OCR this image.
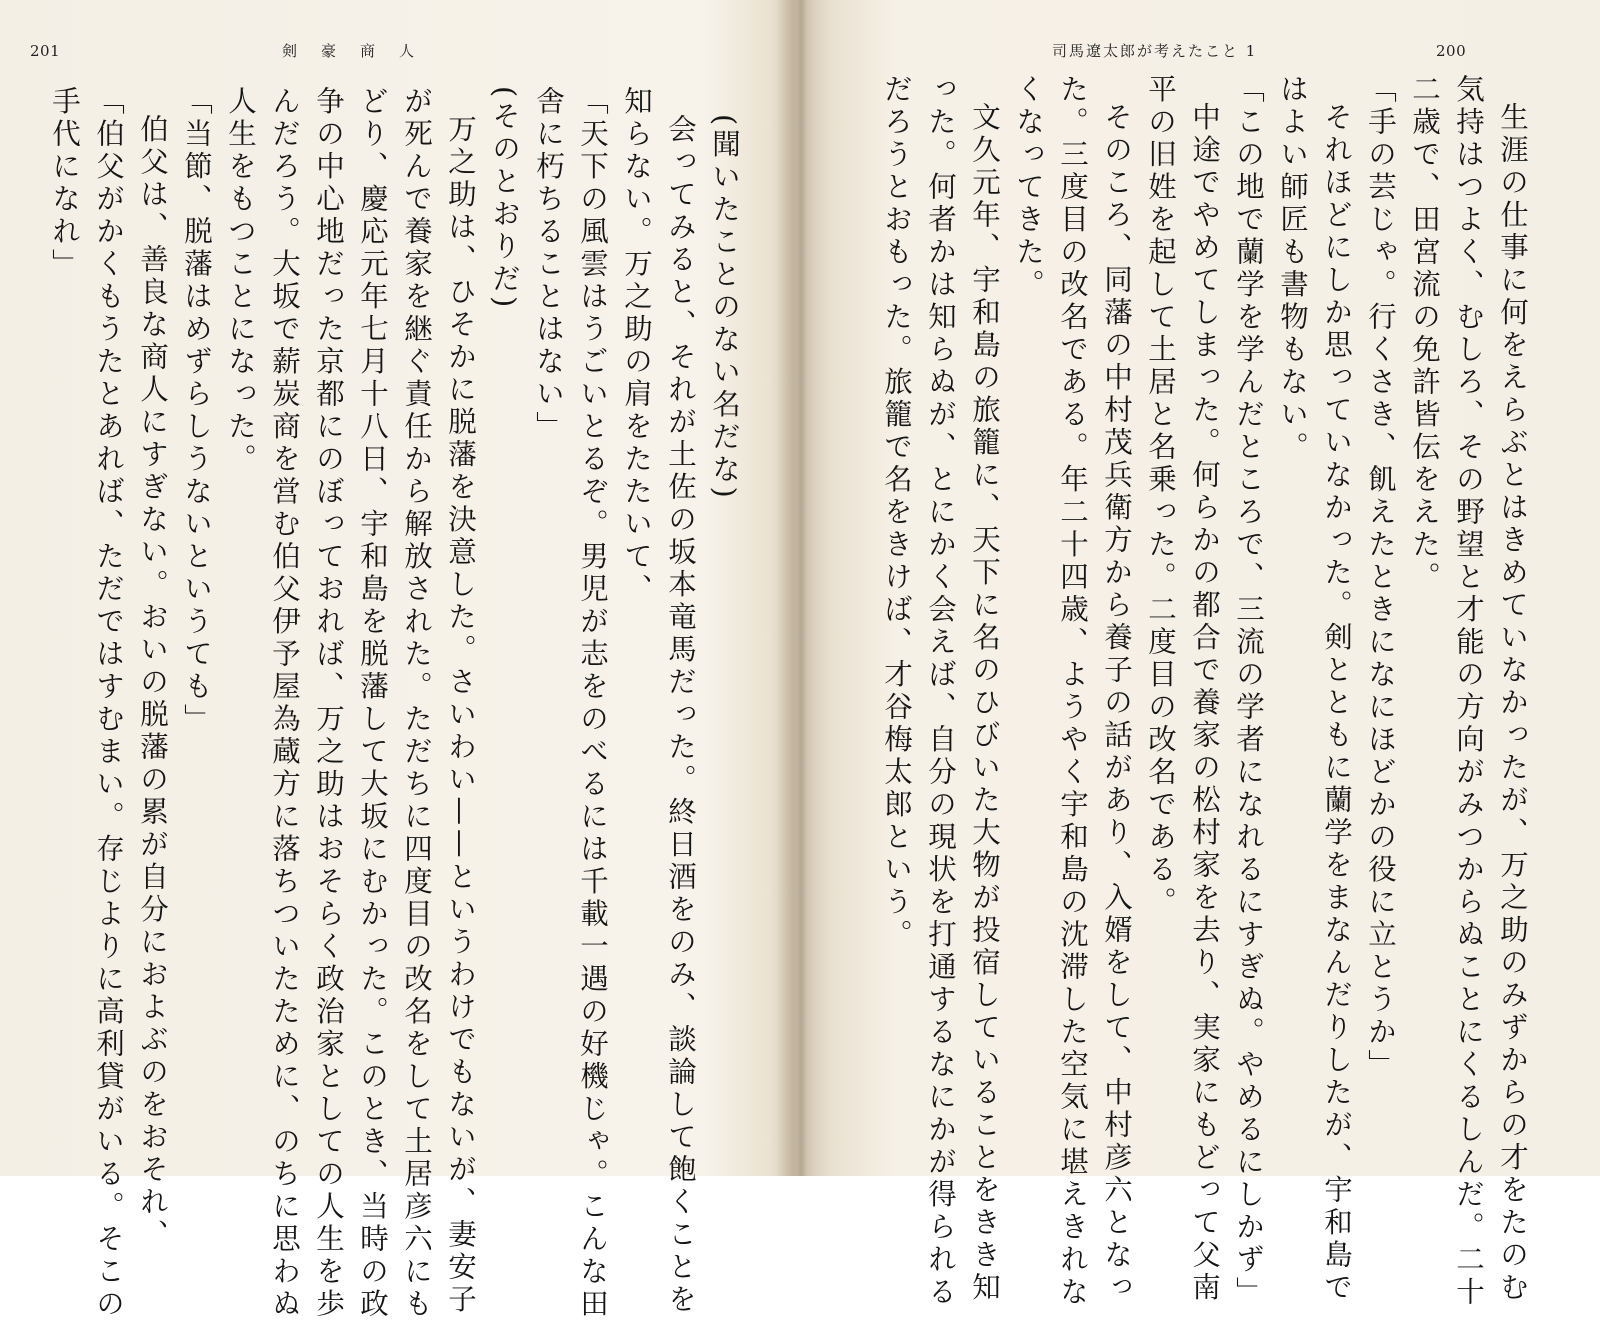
201	剣豪商人
(聞いたことのない名だな)
会ってみると、それが土佐の坂本竜馬だった。終日酒をのみ、談論して飽くことを
知らない。万之助の肩をたたいて、
「天下の風雲はうごいとるぞ。男児が志をのべるには千載一遇の好機じゃ。こんな田
舎に朽ちることはない」
(そのとおりだ)
万之助は、ひそかに脱藩を決意した。さいわい——というわけでもないが、妻安子
が死んで養家を継ぐ責任から解放された。ただちに四度目の改名をして土居彦六にも
どり、慶応元年七月十八日、宇和島を脱藩して大坂にむかった。このとき、当時の政
争の中心地だった京都にのぼっておれば、万之助はおそらく政治家としての人生を歩
んだろう。大坂で薪炭商を営む伯父伊予屋為蔵方に落ちついたために、のちに思わぬ
人生をもつことになった。
「当節、脱藩はめずらしうないというても」
伯父は、善良な商人にすぎない。おいの脱藩の累が自分におよぶのをおそれ、
「伯父がかくもうたとあれば、ただではすむまい。存じよりに高利貸がいる。そこの
手代になれ」
200
司馬遼太郎が考えたこと 1
生涯の仕事に何をえらぶとはきめていなかったが、万之助のみずからの才をたのむ
気持はつよく、むしろ、その野望と才能の方向がみつからぬことにくるしんだ。二十
二歳で、田宮流の免許皆伝をえた。
「手の芸じゃ。行くさき、飢えたときになにほどかの役に立とうか」
それほどにしか思っていなかった。剣とともに蘭学をまなんだりしたが、宇和島で
はよい師匠も書物もない。
「この地で蘭学を学んだところで、三流の学者になれるにすぎぬ。やめるにしかず」
中途でやめてしまった。何らかの都合で養家の松村家を去り、実家にもどって父南
平の旧姓を起して土居と名乗った。二度目の改名である。
そのころ、同藩の中村茂兵衛方から養子の話があり、入婿をして、中村彦六となっ
た。三度目の改名である。年二十四歳、ようやく宇和島の沈滞した空気に堪えきれな
くなってきた。
文久元年、宇和島の旅籠に、天下に名のひびいた大物が投宿していることをきき知
った。何者かは知らぬが、とにかく会えば、自分の現状を打通するなにかが得られる
だろうとおもった。旅籠で名をきけば、才谷梅太郎という。
